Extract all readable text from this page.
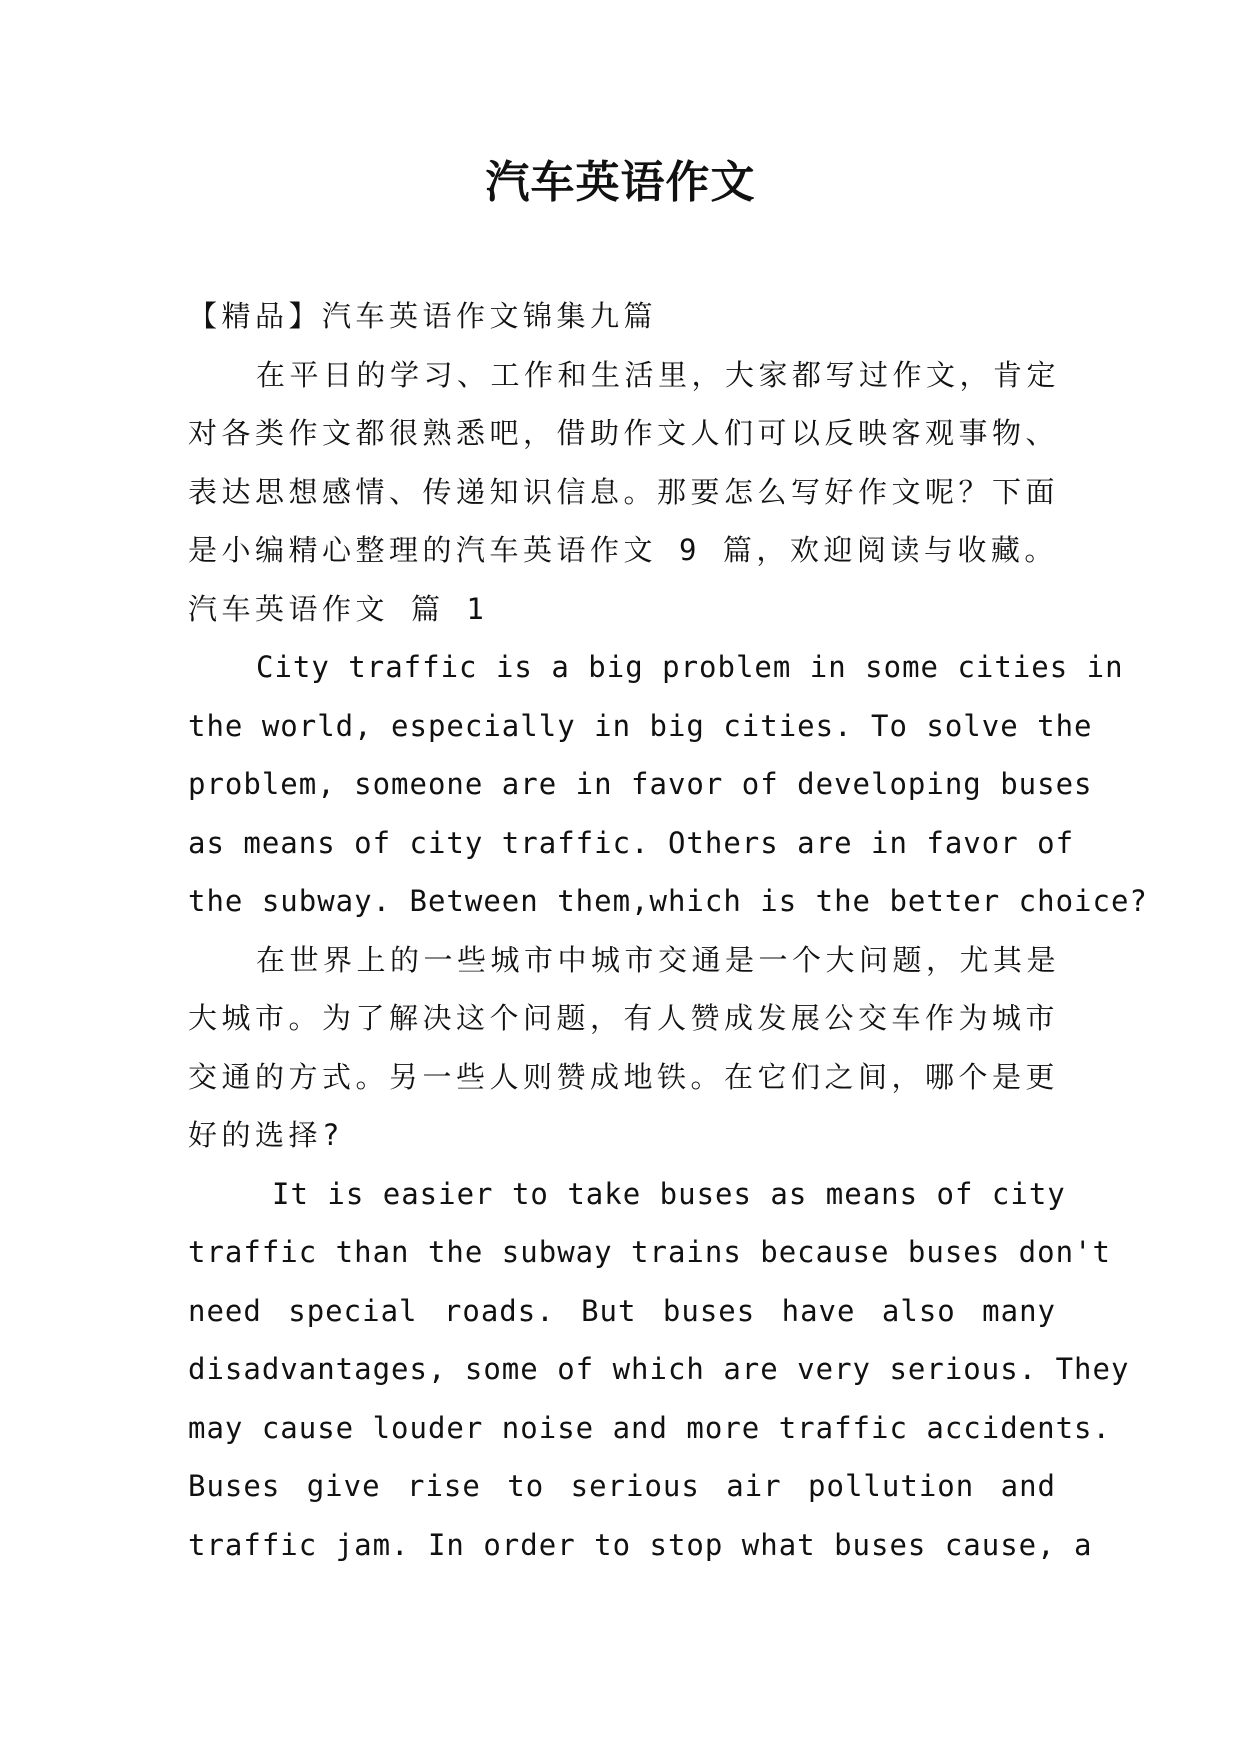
汽车英语作文
【精品】汽车英语作文锦集九篇
在平日的学习、工作和生活里，大家都写过作文，肯定
对各类作文都很熟悉吧，借助作文人们可以反映客观事物、
表达思想感情、传递知识信息。那要怎么写好作文呢？下面
是小编精心整理的汽车英语作文 9 篇，欢迎阅读与收藏。
汽车英语作文 篇 1
City traffic is a big problem in some cities in
the world, especially in big cities. To solve the
problem, someone are in favor of developing buses
as means of city traffic. Others are in favor of
the subway. Between them,which is the better choice?
在世界上的一些城市中城市交通是一个大问题，尤其是
大城市。为了解决这个问题，有人赞成发展公交车作为城市
交通的方式。另一些人则赞成地铁。在它们之间，哪个是更
好的选择?
It is easier to take buses as means of city
traffic than the subway trains because buses don't
need special roads. But buses have also many
disadvantages, some of which are very serious. They
may cause louder noise and more traffic accidents.
Buses give rise to serious air pollution and
traffic jam. In order to stop what buses cause, a
